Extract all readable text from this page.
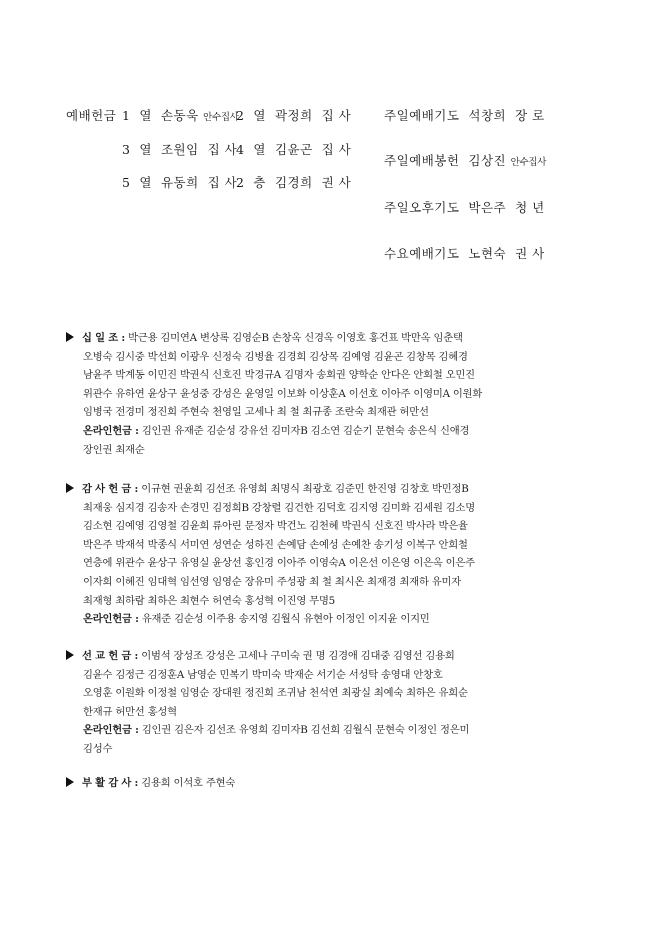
예배헌금 1 열 손동욱 안수집사
2 열 곽정희 집 사
3 열 조원임 집 사
4 열 김윤곤 집 사
5 열 유동희 집 사
2 층 김경희 권 사
주일예배기도 석창희 장 로
주일예배봉헌 김상진 안수집사
주일오후기도 박은주 청 년
수요예배기도 노현숙 권 사
십 일 조 : 박근용 김미연A 변상록 김영순B 손창옥 신경옥 이영호 홍건표 박만옥 임춘택
오병숙 김시중 박선희 이광우 신정숙 김병율 김경희 김상목 김예영 김윤곤 김창목 김혜경
남윤주 박계동 이민진 박권식 신호진 박경규A 김명자 송회권 양학순 안다은 안회철 오민진
위관수 유하연 윤상구 윤성중 강성은 윤영일 이보화 이상훈A 이선호 이아주 이영미A 이원화
임병국 전경미 정진희 주현숙 천영일 고세나 최 철 최규종 조란숙 최재관 허만선
온라인헌금 : 김인권 유재준 김순성 강유선 김미자B 김소연 김순기 문현숙 송은식 신애경
장인권 최재순
감 사 헌 금 : 이규현 권윤희 김선조 유영희 최명식 최광호 김준민 한진영 김창호 박민정B
최재웅 심지경 김송자 손경민 김정희B 강창렬 김건한 김덕호 김지영 김미화 김세원 김소명
김소현 김예영 김영철 김윤희 류아린 문정자 박건노 김천혜 박권식 신호진 박사라 박은율
박은주 박재석 박종식 서미연 성연순 성하진 손예담 손예성 손예찬 송기성 이복구 안희철
연층에 위관수 윤상구 유영실 윤상선 홍인경 이아주 이영숙A 이은선 이은영 이은옥 이은주
이자희 이혜진 임대혁 임선영 임영순 장유미 주성광 최 철 최시온 최재경 최재하 유미자
최재형 최하람 최하은 최현수 허연숙 홍성혁 이진영 무명5
온라인헌금 : 유재준 김순성 이주용 송지영 김월식 유현아 이정인 이지윤 이지민
선 교 헌 금 : 이범석 장성조 강성은 고세나 구미숙 권 명 김경애 김대중 김영선 김용희
김윤수 김정근 김정훈A 남영순 민복기 박미숙 박재순 서기순 서성탁 송영대 안창호
오영훈 이원화 이정철 임영순 장대원 정진희 조귀남 천석연 최광실 최예숙 최하은 유희순
한재규 허만선 홍성혁
온라인헌금 : 김인권 김은자 김선조 유영희 김미자B 김선희 김월식 문현숙 이정인 정은미
김성수
부 활 감 사 : 김용희 이석호 주현숙
